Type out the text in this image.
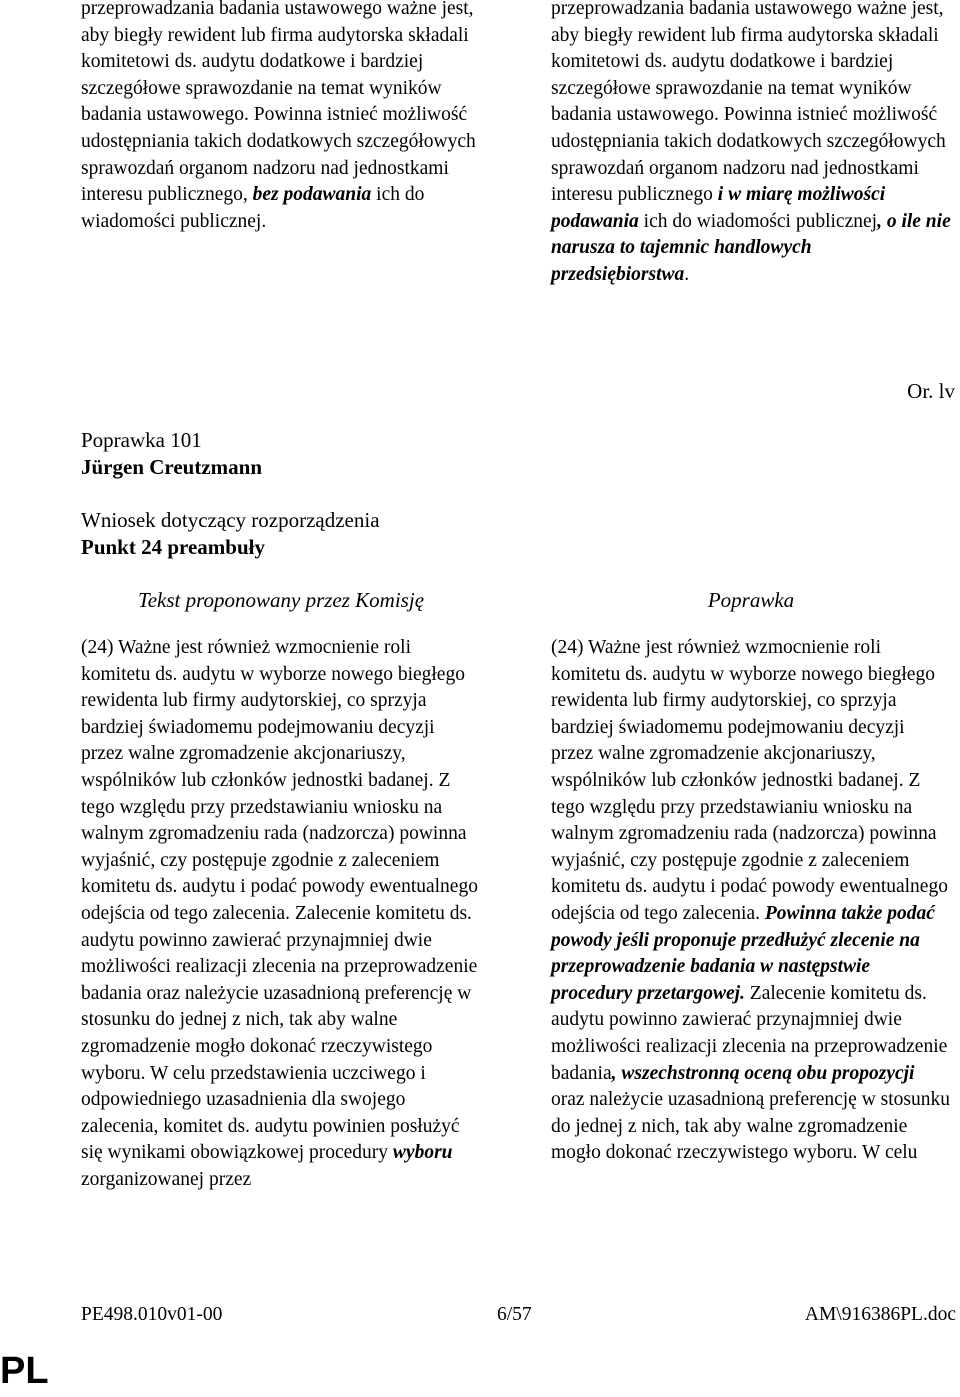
przeprowadzania badania ustawowego ważne jest, aby biegły rewident lub firma audytorska składali komitetowi ds. audytu dodatkowe i bardziej szczegółowe sprawozdanie na temat wyników badania ustawowego. Powinna istnieć możliwość udostępniania takich dodatkowych szczegółowych sprawozdań organom nadzoru nad jednostkami interesu publicznego, bez podawania ich do wiadomości publicznej.
przeprowadzania badania ustawowego ważne jest, aby biegły rewident lub firma audytorska składali komitetowi ds. audytu dodatkowe i bardziej szczegółowe sprawozdanie na temat wyników badania ustawowego. Powinna istnieć możliwość udostępniania takich dodatkowych szczegółowych sprawozdań organom nadzoru nad jednostkami interesu publicznego i w miarę możliwości podawania ich do wiadomości publicznej, o ile nie narusza to tajemnic handlowych przedsiębiorstwa.
Or. lv
Poprawka 101
Jürgen Creutzmann
Wniosek dotyczący rozporządzenia
Punkt 24 preambuły
Tekst proponowany przez Komisję	Poprawka
(24) Ważne jest również wzmocnienie roli komitetu ds. audytu w wyborze nowego biegłego rewidenta lub firmy audytorskiej, co sprzyja bardziej świadomemu podejmowaniu decyzji przez walne zgromadzenie akcjonariuszy, wspólników lub członków jednostki badanej. Z tego względu przy przedstawianiu wniosku na walnym zgromadzeniu rada (nadzorcza) powinna wyjaśnić, czy postępuje zgodnie z zaleceniem komitetu ds. audytu i podać powody ewentualnego odejścia od tego zalecenia. Zalecenie komitetu ds. audytu powinno zawierać przynajmniej dwie możliwości realizacji zlecenia na przeprowadzenie badania oraz należycie uzasadnioną preferencję w stosunku do jednej z nich, tak aby walne zgromadzenie mogło dokonać rzeczywistego wyboru. W celu przedstawienia uczciwego i odpowiedniego uzasadnienia dla swojego zalecenia, komitet ds. audytu powinien posłużyć się wynikami obowiązkowej procedury wyboru zorganizowanej przez
(24) Ważne jest również wzmocnienie roli komitetu ds. audytu w wyborze nowego biegłego rewidenta lub firmy audytorskiej, co sprzyja bardziej świadomemu podejmowaniu decyzji przez walne zgromadzenie akcjonariuszy, wspólników lub członków jednostki badanej. Z tego względu przy przedstawianiu wniosku na walnym zgromadzeniu rada (nadzorcza) powinna wyjaśnić, czy postępuje zgodnie z zaleceniem komitetu ds. audytu i podać powody ewentualnego odejścia od tego zalecenia. Powinna także podać powody jeśli proponuje przedłużyć zlecenie na przeprowadzenie badania w następstwie procedury przetargowej. Zalecenie komitetu ds. audytu powinno zawierać przynajmniej dwie możliwości realizacji zlecenia na przeprowadzenie badania, wszechstronną oceną obu propozycji oraz należycie uzasadnioną preferencję w stosunku do jednej z nich, tak aby walne zgromadzenie mogło dokonać rzeczywistego wyboru. W celu
PE498.010v01-00	6/57	AM\916386PL.doc
PL
